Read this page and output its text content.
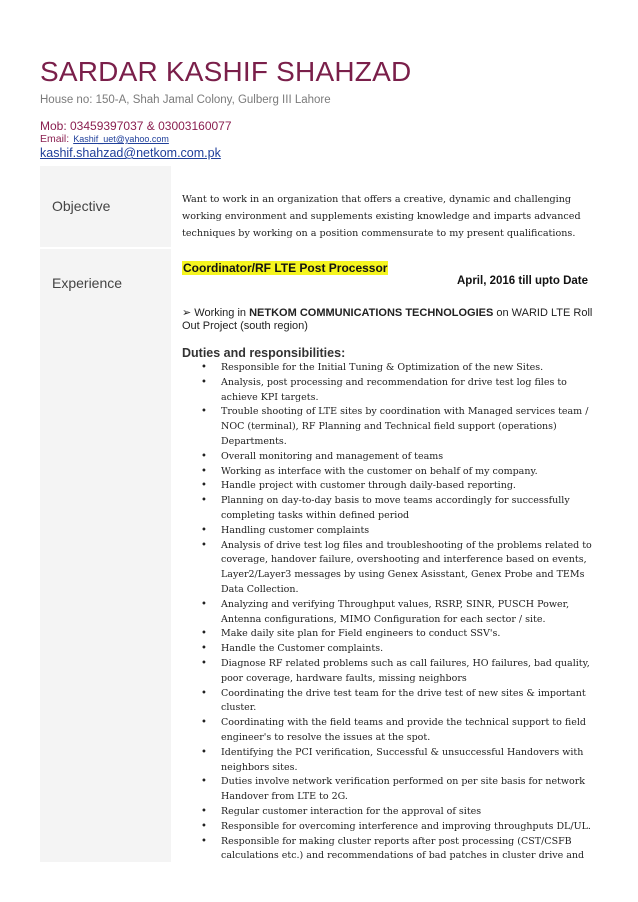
SARDAR KASHIF SHAHZAD
House no: 150-A, Shah Jamal Colony, Gulberg III Lahore
Mob: 03459397037 & 03003160077
Email: Kashif_uet@yahoo.com
kashif.shahzad@netkom.com.pk
Objective	Want to work in an organization that offers a creative, dynamic and challenging working environment and supplements existing knowledge and imparts advanced techniques by working on a position commensurate to my present qualifications.
Experience
Coordinator/RF LTE Post Processor
April, 2016 till upto Date
➢ Working in NETKOM COMMUNICATIONS TECHNOLOGIES on WARID LTE Roll Out Project (south region)
Duties and responsibilities:
• Responsible for the Initial Tuning & Optimization of the new Sites.
• Analysis, post processing and recommendation for drive test log files to achieve KPI targets.
• Trouble shooting of LTE sites by coordination with Managed services team / NOC (terminal), RF Planning and Technical field support (operations) Departments.
• Overall monitoring and management of teams
• Working as interface with the customer on behalf of my company.
• Handle project with customer through daily-based reporting.
• Planning on day-to-day basis to move teams accordingly for successfully completing tasks within defined period
• Handling customer complaints
• Analysis of drive test log files and troubleshooting of the problems related to coverage, handover failure, overshooting and interference based on events, Layer2/Layer3 messages by using Genex Asisstant, Genex Probe and TEMs Data Collection.
• Analyzing and verifying Throughput values, RSRP, SINR, PUSCH Power, Antenna configurations, MIMO Configuration for each sector / site.
• Make daily site plan for Field engineers to conduct SSV's.
• Handle the Customer complaints.
• Diagnose RF related problems such as call failures, HO failures, bad quality, poor coverage, hardware faults, missing neighbors
• Coordinating the drive test team for the drive test of new sites & important cluster.
• Coordinating with the field teams and provide the technical support to field engineer's to resolve the issues at the spot.
• Identifying the PCI verification, Successful & unsuccessful Handovers with neighbors sites.
• Duties involve network verification performed on per site basis for network Handover from LTE to 2G.
• Regular customer interaction for the approval of sites
• Responsible for overcoming interference and improving throughputs DL/UL.
• Responsible for making cluster reports after post processing (CST/CSFB calculations etc.) and recommendations of bad patches in cluster drive and
